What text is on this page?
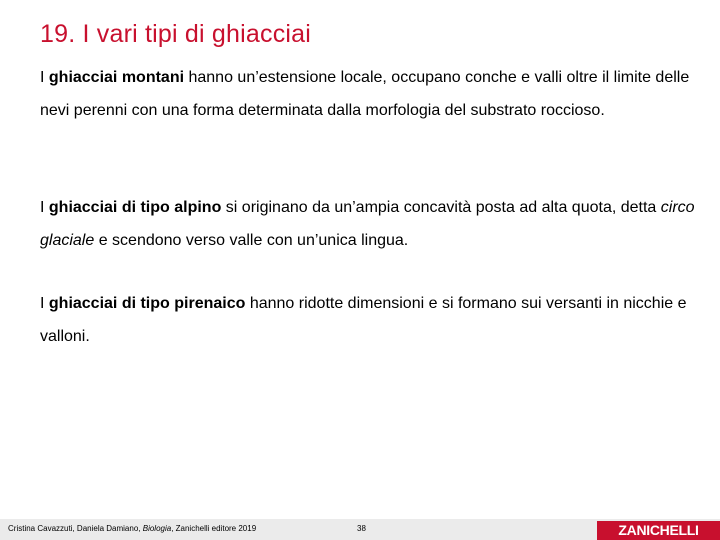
19. I vari tipi di ghiacciai

I ghiacciai montani hanno un’estensione locale, occupano conche e valli oltre il limite delle nevi perenni con una forma determinata dalla morfologia del substrato roccioso.

I ghiacciai di tipo alpino si originano da un’ampia concavità posta ad alta quota, detta circo glaciale e scendono verso valle con un’unica lingua.

I ghiacciai di tipo pirenaico hanno ridotte dimensioni e si formano sui versanti in nicchie e valloni.

Cristina Cavazzuti, Daniela Damiano, Biologia, Zanichelli editore 2019	38	ZANICHELLI
